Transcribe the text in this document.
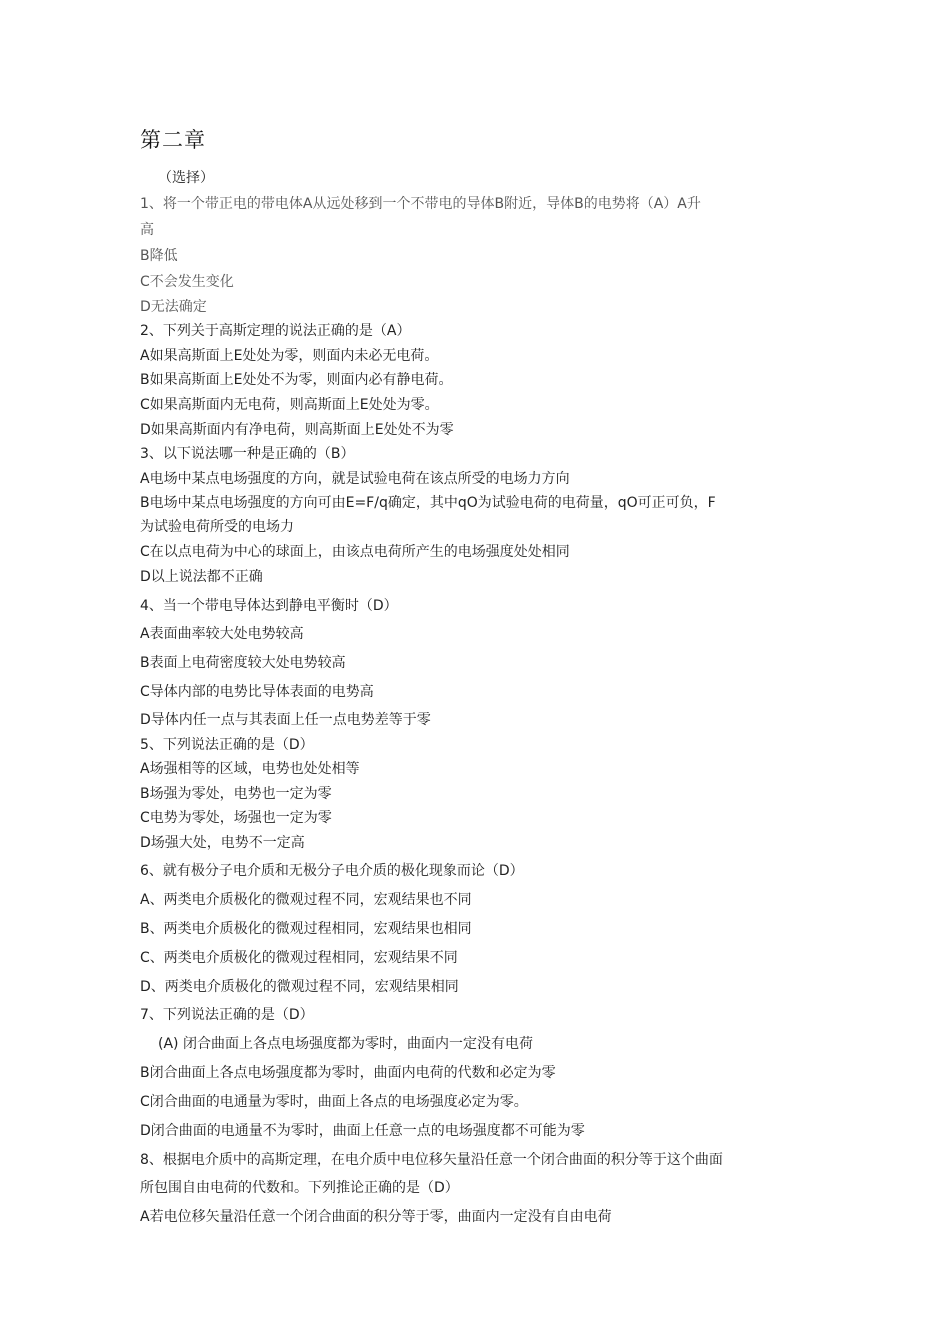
第二章
（选择）
1、将一个带正电的带电体A从远处移到一个不带电的导体B附近，导体B的电势将（A）A升
高
B降低
C不会发生变化
D无法确定
2、下列关于高斯定理的说法正确的是（A）
A如果高斯面上E处处为零，则面内未必无电荷。
B如果高斯面上E处处不为零，则面内必有静电荷。
C如果高斯面内无电荷，则高斯面上E处处为零。
D如果高斯面内有净电荷，则高斯面上E处处不为零
3、以下说法哪一种是正确的（B）
A电场中某点电场强度的方向，就是试验电荷在该点所受的电场力方向
B电场中某点电场强度的方向可由E=F/q确定，其中qO为试验电荷的电荷量，qO可正可负，F
为试验电荷所受的电场力
C在以点电荷为中心的球面上，由该点电荷所产生的电场强度处处相同
D以上说法都不正确
4、当一个带电导体达到静电平衡时（D）
A表面曲率较大处电势较高
B表面上电荷密度较大处电势较高
C导体内部的电势比导体表面的电势高
D导体内任一点与其表面上任一点电势差等于零
5、下列说法正确的是（D）
A场强相等的区域，电势也处处相等
B场强为零处，电势也一定为零
C电势为零处，场强也一定为零
D场强大处，电势不一定高
6、就有极分子电介质和无极分子电介质的极化现象而论（D）
A、两类电介质极化的微观过程不同，宏观结果也不同
B、两类电介质极化的微观过程相同，宏观结果也相同
C、两类电介质极化的微观过程相同，宏观结果不同
D、两类电介质极化的微观过程不同，宏观结果相同
7、下列说法正确的是（D）
(A) 闭合曲面上各点电场强度都为零时，曲面内一定没有电荷
B闭合曲面上各点电场强度都为零时，曲面内电荷的代数和必定为零
C闭合曲面的电通量为零时，曲面上各点的电场强度必定为零。
D闭合曲面的电通量不为零时，曲面上任意一点的电场强度都不可能为零
8、根据电介质中的高斯定理，在电介质中电位移矢量沿任意一个闭合曲面的积分等于这个曲面
所包围自由电荷的代数和。下列推论正确的是（D）
A若电位移矢量沿任意一个闭合曲面的积分等于零，曲面内一定没有自由电荷
